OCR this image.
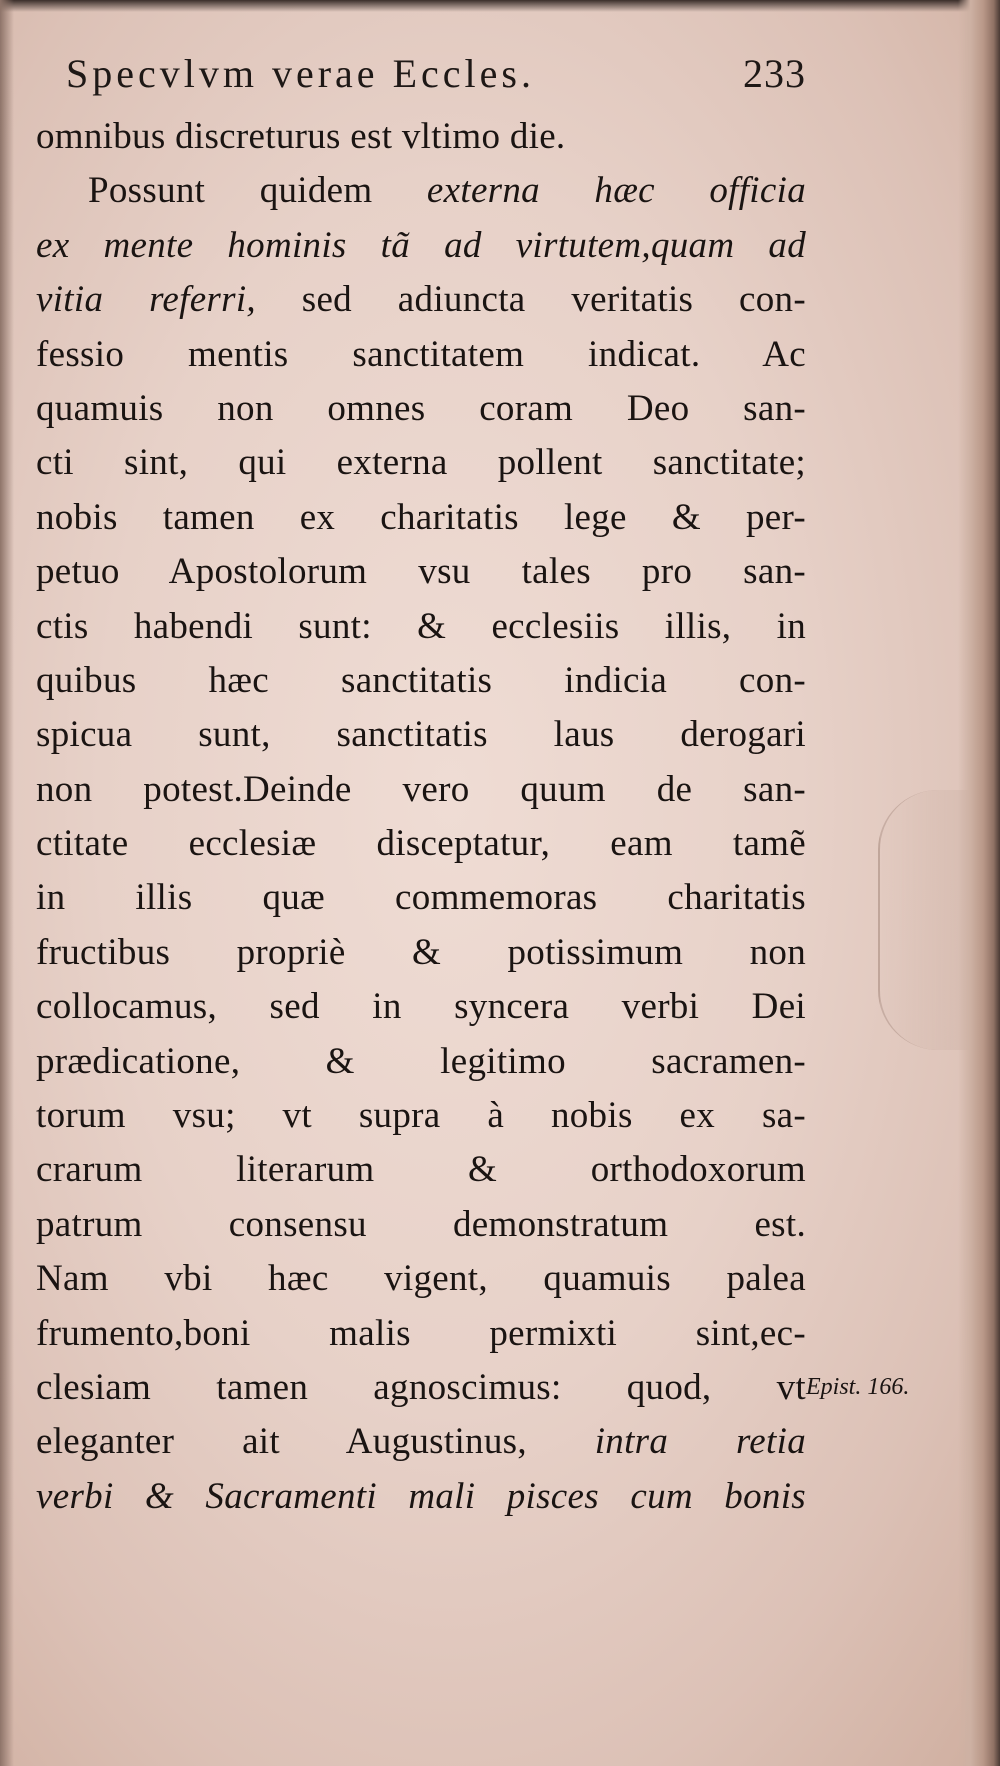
Specvlvm verae Eccles.	233
omnibus discreturus est vltimo die.
Possunt quidem externa hæc officia
ex mente hominis tã ad virtutem,quam ad
vitia referri, sed adiuncta veritatis con-
fessio mentis sanctitatem indicat. Ac
quamuis non omnes coram Deo san-
cti sint, qui externa pollent sanctitate;
nobis tamen ex charitatis lege & per-
petuo Apostolorum vsu tales pro san-
ctis habendi sunt: & ecclesiis illis, in
quibus hæc sanctitatis indicia con-
spicua sunt, sanctitatis laus derogari
non potest.Deinde vero quum de san-
ctitate ecclesiæ disceptatur, eam tamẽ
in illis quæ commemoras charitatis
fructibus propriè & potissimum non
collocamus, sed in syncera verbi Dei
prædicatione, & legitimo sacramen-
torum vsu; vt supra à nobis ex sa-
crarum literarum & orthodoxorum
patrum consensu demonstratum est.
Nam vbi hæc vigent, quamuis palea
frumento,boni malis permixti sint,ec-
clesiam tamen agnoscimus: quod, vt
eleganter ait Augustinus, intra retia
verbi & Sacramenti mali pisces cum bonis
Epist. 166.
